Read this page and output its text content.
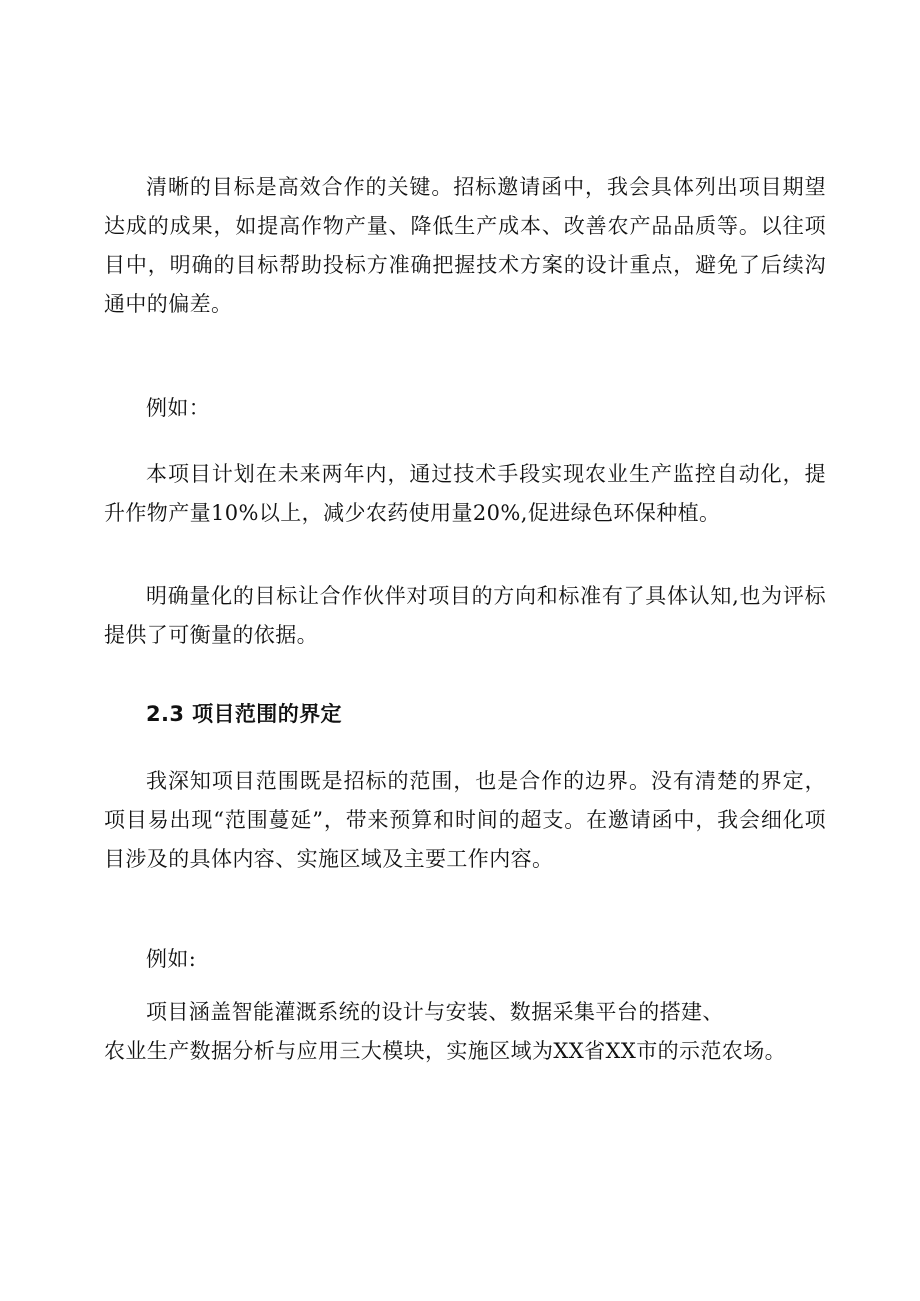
清晰的目标是高效合作的关键。招标邀请函中，我会具体列出项目期望达成的成果，如提高作物产量、降低生产成本、改善农产品品质等。以往项目中，明确的目标帮助投标方准确把握技术方案的设计重点，避免了后续沟通中的偏差。

例如：

本项目计划在未来两年内，通过技术手段实现农业生产监控自动化，提升作物产量10%以上，减少农药使用量20%,促进绿色环保种植。

明确量化的目标让合作伙伴对项目的方向和标准有了具体认知,也为评标提供了可衡量的依据。

2.3 项目范围的界定

我深知项目范围既是招标的范围，也是合作的边界。没有清楚的界定，项目易出现“范围蔓延”，带来预算和时间的超支。在邀请函中，我会细化项目涉及的具体内容、实施区域及主要工作内容。

例如:

项目涵盖智能灌溉系统的设计与安装、数据采集平台的搭建、
农业生产数据分析与应用三大模块，实施区域为XX省XX市的示范农场。
